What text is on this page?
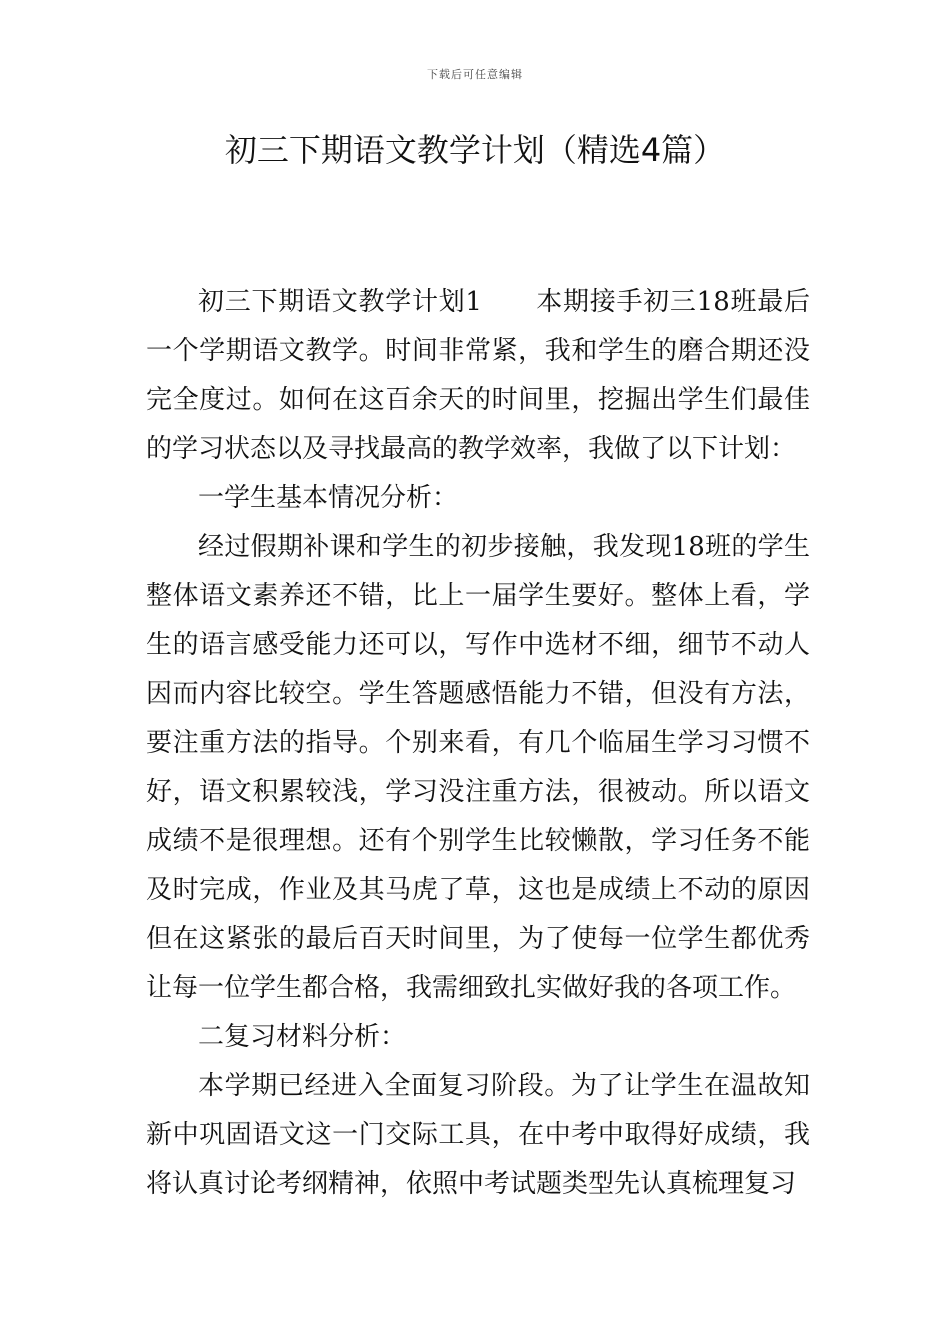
下载后可任意编辑
初三下期语文教学计划（精选4篇）

初三下期语文教学计划1　　本期接手初三18班最后一个学期语文教学。时间非常紧，我和学生的磨合期还没完全度过。如何在这百余天的时间里，挖掘出学生们最佳的学习状态以及寻找最高的教学效率，我做了以下计划：

一学生基本情况分析：

经过假期补课和学生的初步接触，我发现18班的学生整体语文素养还不错，比上一届学生要好。整体上看，学生的语言感受能力还可以，写作中选材不细，细节不动人因而内容比较空。学生答题感悟能力不错，但没有方法，要注重方法的指导。个别来看，有几个临届生学习习惯不好，语文积累较浅，学习没注重方法，很被动。所以语文成绩不是很理想。还有个别学生比较懒散，学习任务不能及时完成，作业及其马虎了草，这也是成绩上不动的原因但在这紧张的最后百天时间里，为了使每一位学生都优秀让每一位学生都合格，我需细致扎实做好我的各项工作。

二复习材料分析：

本学期已经进入全面复习阶段。为了让学生在温故知新中巩固语文这一门交际工具，在中考中取得好成绩，我将认真讨论考纲精神，依照中考试题类型先认真梳理复习
